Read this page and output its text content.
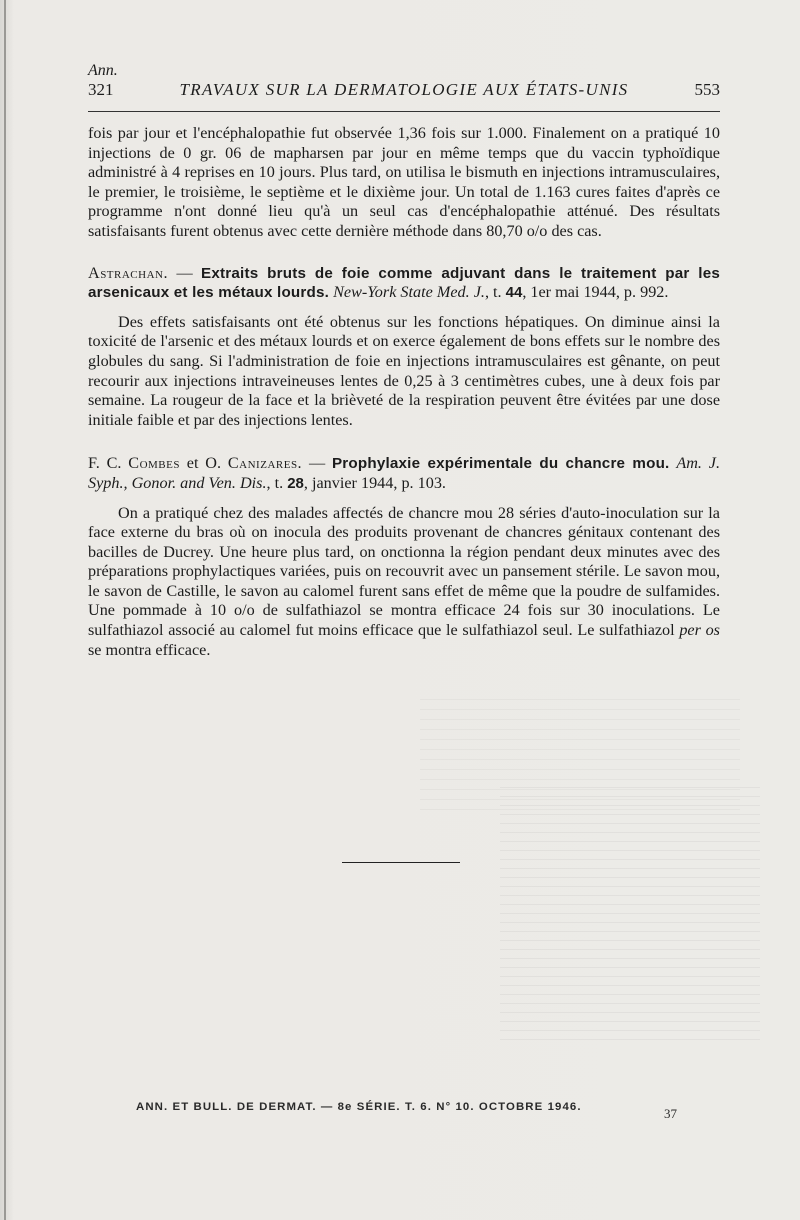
Ann.
321	TRAVAUX SUR LA DERMATOLOGIE AUX ÉTATS-UNIS	553

fois par jour et l'encéphalopathie fut observée 1,36 fois sur 1.000. Finalement on a pratiqué 10 injections de 0 gr. 06 de mapharsen par jour en même temps que du vaccin typhoïdique administré à 4 reprises en 10 jours. Plus tard, on utilisa le bismuth en injections intramusculaires, le premier, le troisième, le septième et le dixième jour. Un total de 1.163 cures faites d'après ce programme n'ont donné lieu qu'à un seul cas d'encéphalopathie atténué. Des résultats satisfaisants furent obtenus avec cette dernière méthode dans 80,70 o/o des cas.

Astrachan. — Extraits bruts de foie comme adjuvant dans le traitement par les arsenicaux et les métaux lourds. New-York State Med. J., t. 44, 1er mai 1944, p. 992.

Des effets satisfaisants ont été obtenus sur les fonctions hépatiques. On diminue ainsi la toxicité de l'arsenic et des métaux lourds et on exerce également de bons effets sur le nombre des globules du sang. Si l'administration de foie en injections intramusculaires est gênante, on peut recourir aux injections intraveineuses lentes de 0,25 à 3 centimètres cubes, une à deux fois par semaine. La rougeur de la face et la brièveté de la respiration peuvent être évitées par une dose initiale faible et par des injections lentes.

F. C. Combes et O. Canizares. — Prophylaxie expérimentale du chancre mou. Am. J. Syph., Gonor. and Ven. Dis., t. 28, janvier 1944, p. 103.

On a pratiqué chez des malades affectés de chancre mou 28 séries d'auto-inoculation sur la face externe du bras où on inocula des produits provenant de chancres génitaux contenant des bacilles de Ducrey. Une heure plus tard, on onctionna la région pendant deux minutes avec des préparations prophylactiques variées, puis on recouvrit avec un pansement stérile. Le savon mou, le savon de Castille, le savon au calomel furent sans effet de même que la poudre de sulfamides. Une pommade à 10 o/o de sulfathiazol se montra efficace 24 fois sur 30 inoculations. Le sulfathiazol associé au calomel fut moins efficace que le sulfathiazol seul. Le sulfathiazol per os se montra efficace.

ANN. ET BULL. DE DERMAT. — 8e SÉRIE. T. 6. N° 10. OCTOBRE 1946.	37
